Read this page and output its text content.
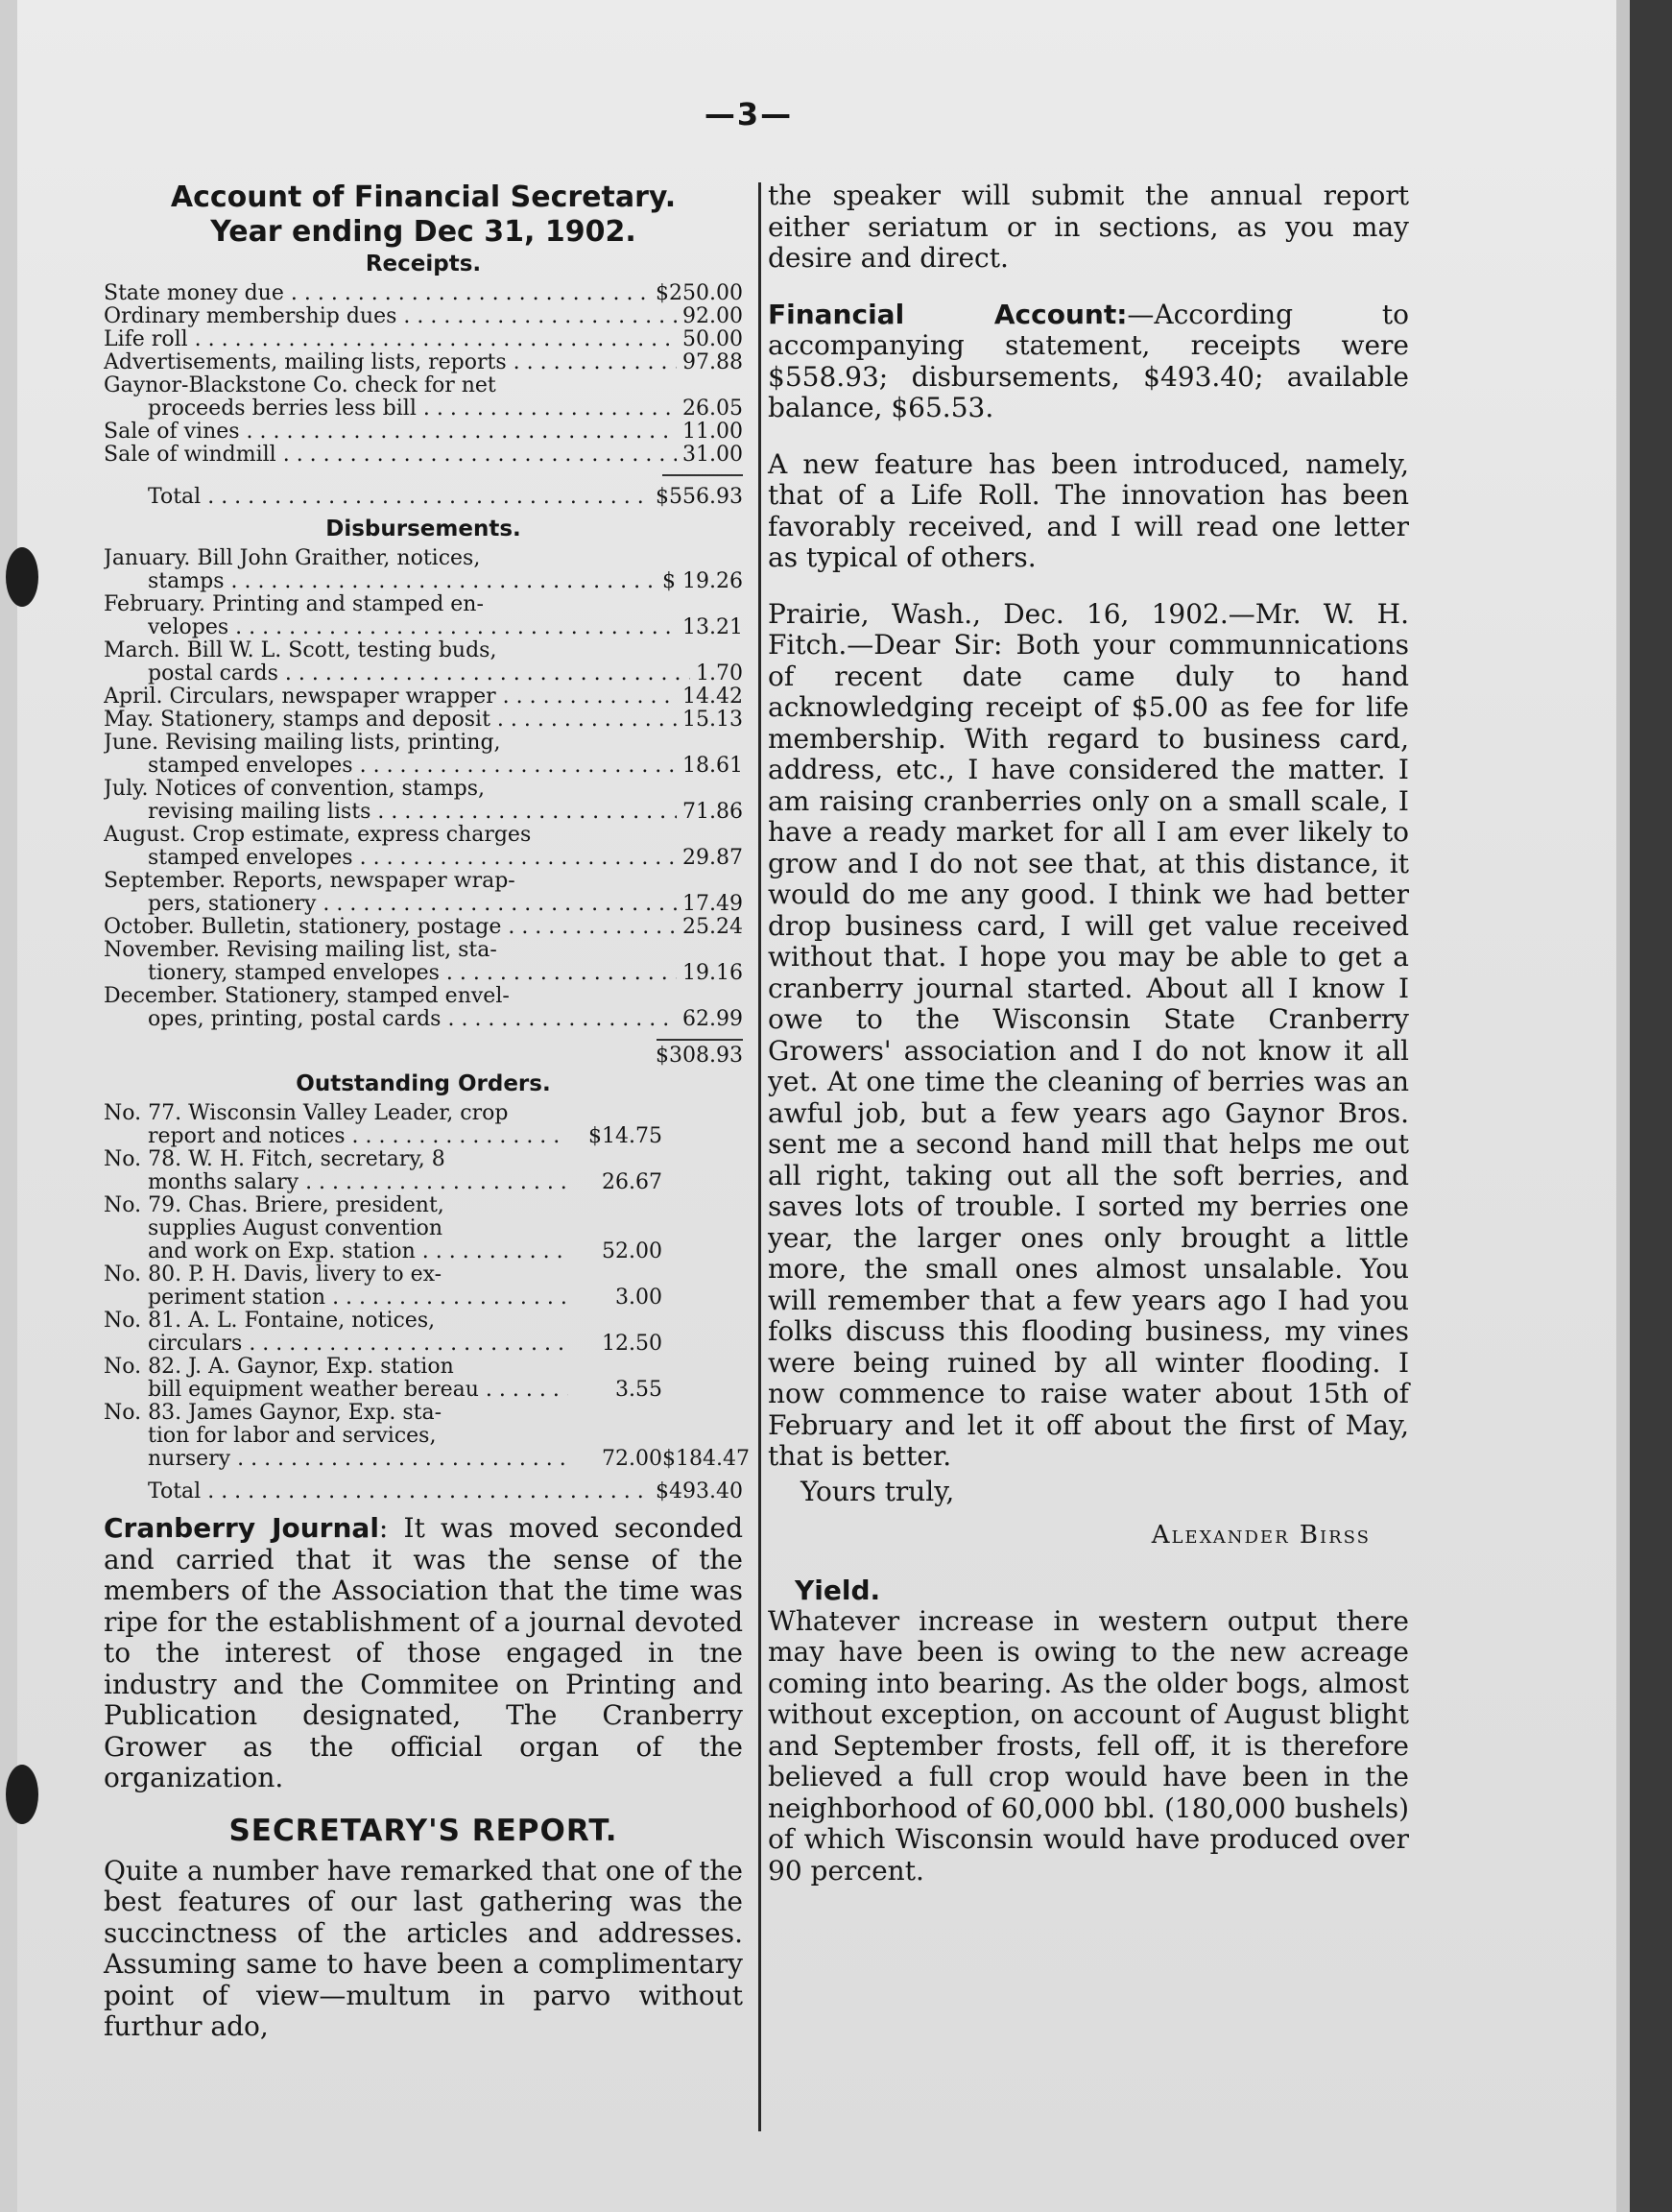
—3—
Account of Financial Secretary.
Year ending Dec 31, 1902.
Receipts.
State money due . . .	$250.00
Ordinary membership dues . . .	92.00
Life roll . . .	50.00
Advertisements, mailing lists, reports . . .	97.88
Gaynor-Blackstone Co. check for net
proceeds berries less bill . . .	26.05
Sale of vines . . .	11.00
Sale of windmill . . .	31.00
Total . . .	$556.93
Disbursements.
January. Bill John Graither, notices,
stamps . . .	$ 19.26
February. Printing and stamped en-
velopes . . .	13.21
March. Bill W. L. Scott, testing buds,
postal cards . . .	1.70
April. Circulars, newspaper wrapper . . .	14.42
May. Stationery, stamps and deposit . . .	15.13
June. Revising mailing lists, printing,
stamped envelopes . . .	18.61
July. Notices of convention, stamps,
revising mailing lists . . .	71.86
August. Crop estimate, express charges
stamped envelopes . . .	29.87
September. Reports, newspaper wrap-
pers, stationery . . .	17.49
October. Bulletin, stationery, postage . . .	25.24
November. Revising mailing list, sta-
tionery, stamped envelopes . . .	19.16
December. Stationery, stamped envel-
opes, printing, postal cards . . .	62.99
$308.93
Outstanding Orders.
No. 77. Wisconsin Valley Leader, crop
report and notices . . .	$14.75
No. 78. W. H. Fitch, secretary, 8
months salary . . .	26.67
No. 79. Chas. Briere, president,
supplies August convention
and work on Exp. station . . .	52.00
No. 80. P. H. Davis, livery to ex-
periment station . . .	3.00
No. 81. A. L. Fontaine, notices,
circulars . . .	12.50
No. 82. J. A. Gaynor, Exp. station
bill equipment weather bereau . . .	3.55
No. 83. James Gaynor, Exp. sta-
tion for labor and services,
nursery . . .	72.00 $184.47
Total . . .	$493.40

Cranberry Journal: It was moved seconded and carried that it was the sense of the members of the Association that the time was ripe for the establishment of a journal devoted to the interest of those engaged in tne industry and the Commitee on Printing and Publication designated, The Cranberry Grower as the official organ of the organization.

SECRETARY'S REPORT.

Quite a number have remarked that one of the best features of our last gathering was the succinctness of the articles and addresses. Assuming same to have been a complimentary point of view—multum in parvo without furthur ado,

the speaker will submit the annual report either seriatum or in sections, as you may desire and direct.

Financial Account:—According to accompanying statement, receipts were $558.93; disbursements, $493.40; available balance, $65.53.

A new feature has been introduced, namely, that of a Life Roll. The innovation has been favorably received, and I will read one letter as typical of others.

Prairie, Wash., Dec. 16, 1902.—Mr. W. H. Fitch.—Dear Sir: Both your communnications of recent date came duly to hand acknowledging receipt of $5.00 as fee for life membership. With regard to business card, address, etc., I have considered the matter. I am raising cranberries only on a small scale, I have a ready market for all I am ever likely to grow and I do not see that, at this distance, it would do me any good. I think we had better drop business card, I will get value received without that. I hope you may be able to get a cranberry journal started. About all I know I owe to the Wisconsin State Cranberry Growers' association and I do not know it all yet. At one time the cleaning of berries was an awful job, but a few years ago Gaynor Bros. sent me a second hand mill that helps me out all right, taking out all the soft berries, and saves lots of trouble. I sorted my berries one year, the larger ones only brought a little more, the small ones almost unsalable. You will remember that a few years ago I had you folks discuss this flooding business, my vines were being ruined by all winter flooding. I now commence to raise water about 15th of February and let it off about the first of May, that is better.

Yours truly,
Alexander Birss
Yield.

Whatever increase in western output there may have been is owing to the new acreage coming into bearing. As the older bogs, almost without exception, on account of August blight and September frosts, fell off, it is therefore believed a full crop would have been in the neighborhood of 60,000 bbl. (180,000 bushels) of which Wisconsin would have produced over 90 percent.
